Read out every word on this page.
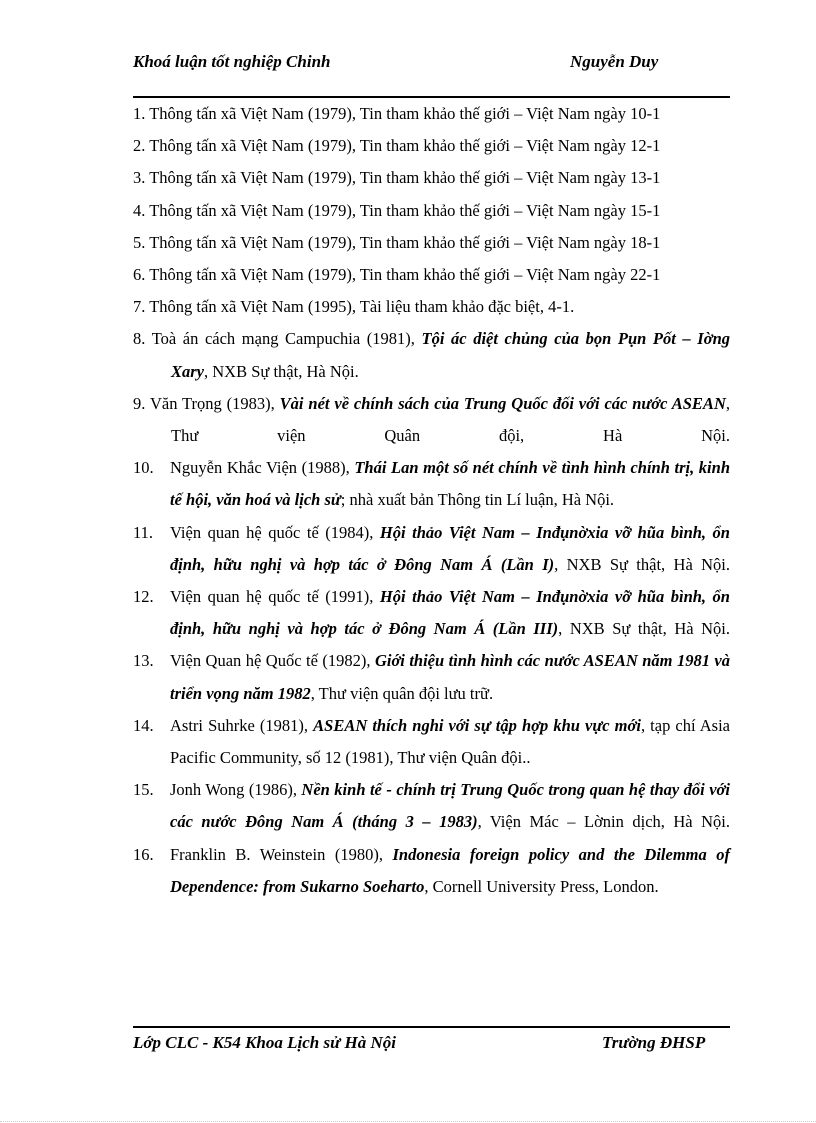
Khoá luận tốt nghiệp Chinh	Nguyễn Duy
1. Thông tấn xã Việt Nam (1979), Tin tham khảo thế giới – Việt Nam ngày 10-1
2. Thông tấn xã Việt Nam (1979), Tin tham khảo thế giới – Việt Nam ngày 12-1
3. Thông tấn xã Việt Nam (1979), Tin tham khảo thế giới – Việt Nam ngày 13-1
4. Thông tấn xã Việt Nam (1979), Tin tham khảo thế giới – Việt Nam ngày 15-1
5. Thông tấn xã Việt Nam (1979), Tin tham khảo thế giới – Việt Nam ngày 18-1
6. Thông tấn xã Việt Nam (1979), Tin tham khảo thế giới – Việt Nam ngày 22-1
7. Thông tấn xã Việt Nam (1995), Tài liệu tham khảo đặc biệt, 4-1.
8. Toà án cách mạng Campuchia (1981), Tội ác diệt chủng của bọn Pụn Pốt – Iờng Xary, NXB Sự thật, Hà Nội.
9. Văn Trọng (1983), Vài nét về chính sách của Trung Quốc đối với các nước ASEAN, Thư viện Quân đội, Hà Nội.
10. Nguyễn Khắc Viện (1988), Thái Lan một số nét chính về tình hình chính trị, kinh tế hội, văn hoá và lịch sử; nhà xuất bản Thông tin Lí luận, Hà Nội.
11. Viện quan hệ quốc tế (1984), Hội thảo Việt Nam – Inđ​ụnờxia vỡ hũa bình, ổn định, hữu nghị và hợp tác ở Đông Nam Á (Lần I), NXB Sự thật, Hà Nội.
12. Viện quan hệ quốc tế (1991), Hội thảo Việt Nam – Inđụnờxia vỡ hũa bình, ổn định, hữu nghị và hợp tác ở Đông Nam Á (Lần III), NXB Sự thật, Hà Nội.
13. Viện Quan hệ Quốc tế (1982), Giới thiệu tình hình các nước ASEAN năm 1981 và triển vọng năm 1982, Thư viện quân đội lưu trữ.
14. Astri Suhrke (1981), ASEAN thích nghi với sự tập hợp khu vực mới, tạp chí Asia Pacific Community, số 12 (1981), Thư viện Quân đội..
15. Jonh Wong (1986), Nền kinh tế - chính trị Trung Quốc trong quan hệ thay đổi với các nước Đông Nam Á (tháng 3 – 1983), Viện Mác – Lờnin dịch, Hà Nội.
16. Franklin B. Weinstein (1980), Indonesia foreign policy and the Dilemma of Dependence: from Sukarno Soeharto, Cornell University Press, London.
Lớp CLC - K54 Khoa Lịch sử Hà Nội	Trường ĐHSP
